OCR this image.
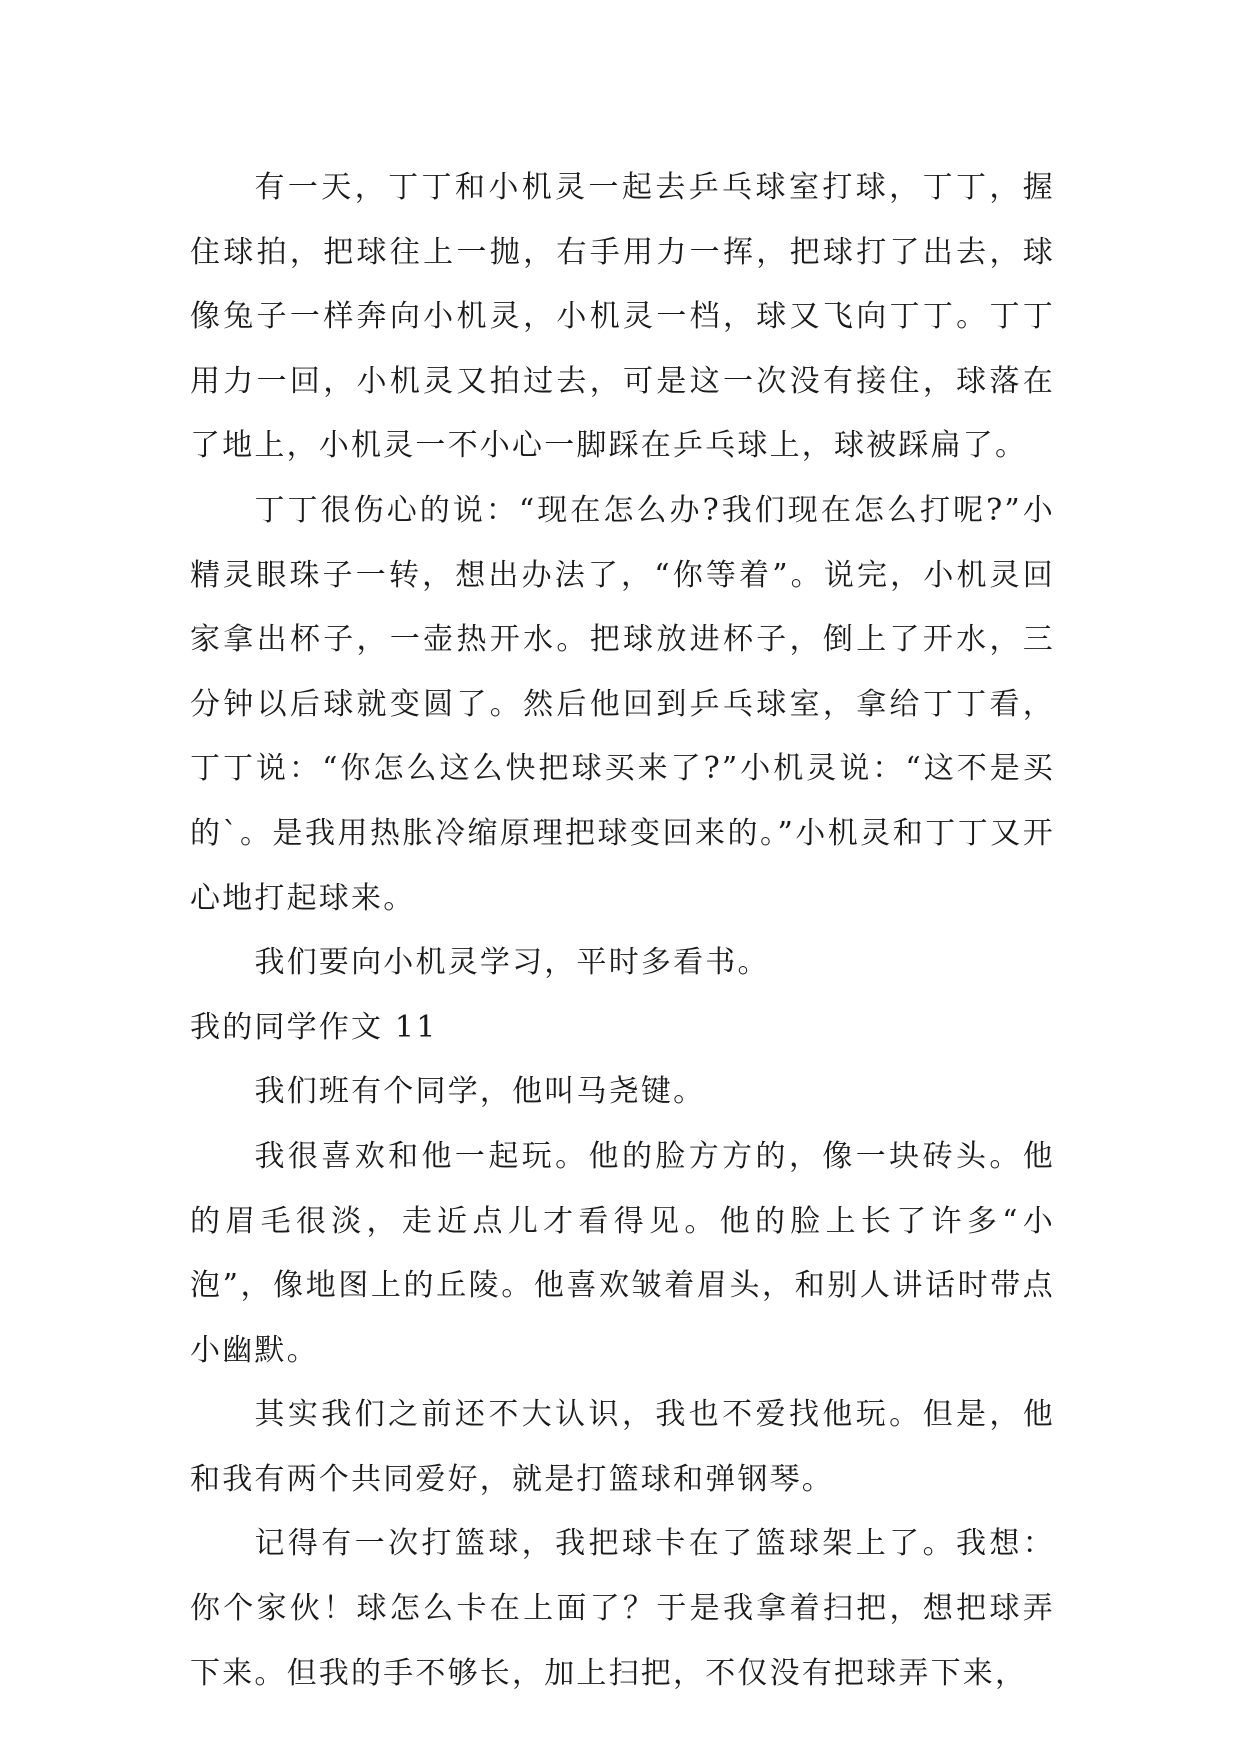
有一天，丁丁和小机灵一起去乒乓球室打球，丁丁，握住球拍，把球往上一抛，右手用力一挥，把球打了出去，球像兔子一样奔向小机灵，小机灵一档，球又飞向丁丁。丁丁用力一回，小机灵又拍过去，可是这一次没有接住，球落在了地上，小机灵一不小心一脚踩在乒乓球上，球被踩扁了。

丁丁很伤心的说：“现在怎么办?我们现在怎么打呢?”小精灵眼珠子一转，想出办法了，“你等着”。说完，小机灵回家拿出杯子，一壶热开水。把球放进杯子，倒上了开水，三分钟以后球就变圆了。然后他回到乒乓球室，拿给丁丁看，丁丁说：“你怎么这么快把球买来了?”小机灵说：“这不是买的`。是我用热胀冷缩原理把球变回来的。”小机灵和丁丁又开心地打起球来。

我们要向小机灵学习，平时多看书。

我的同学作文 11

我们班有个同学，他叫马尧键。

我很喜欢和他一起玩。他的脸方方的，像一块砖头。他的眉毛很淡，走近点儿才看得见。他的脸上长了许多“小泡”，像地图上的丘陵。他喜欢皱着眉头，和别人讲话时带点小幽默。

其实我们之前还不大认识，我也不爱找他玩。但是，他和我有两个共同爱好，就是打篮球和弹钢琴。

记得有一次打篮球，我把球卡在了篮球架上了。我想：你个家伙！球怎么卡在上面了？于是我拿着扫把，想把球弄下来。但我的手不够长，加上扫把，不仅没有把球弄下来，
